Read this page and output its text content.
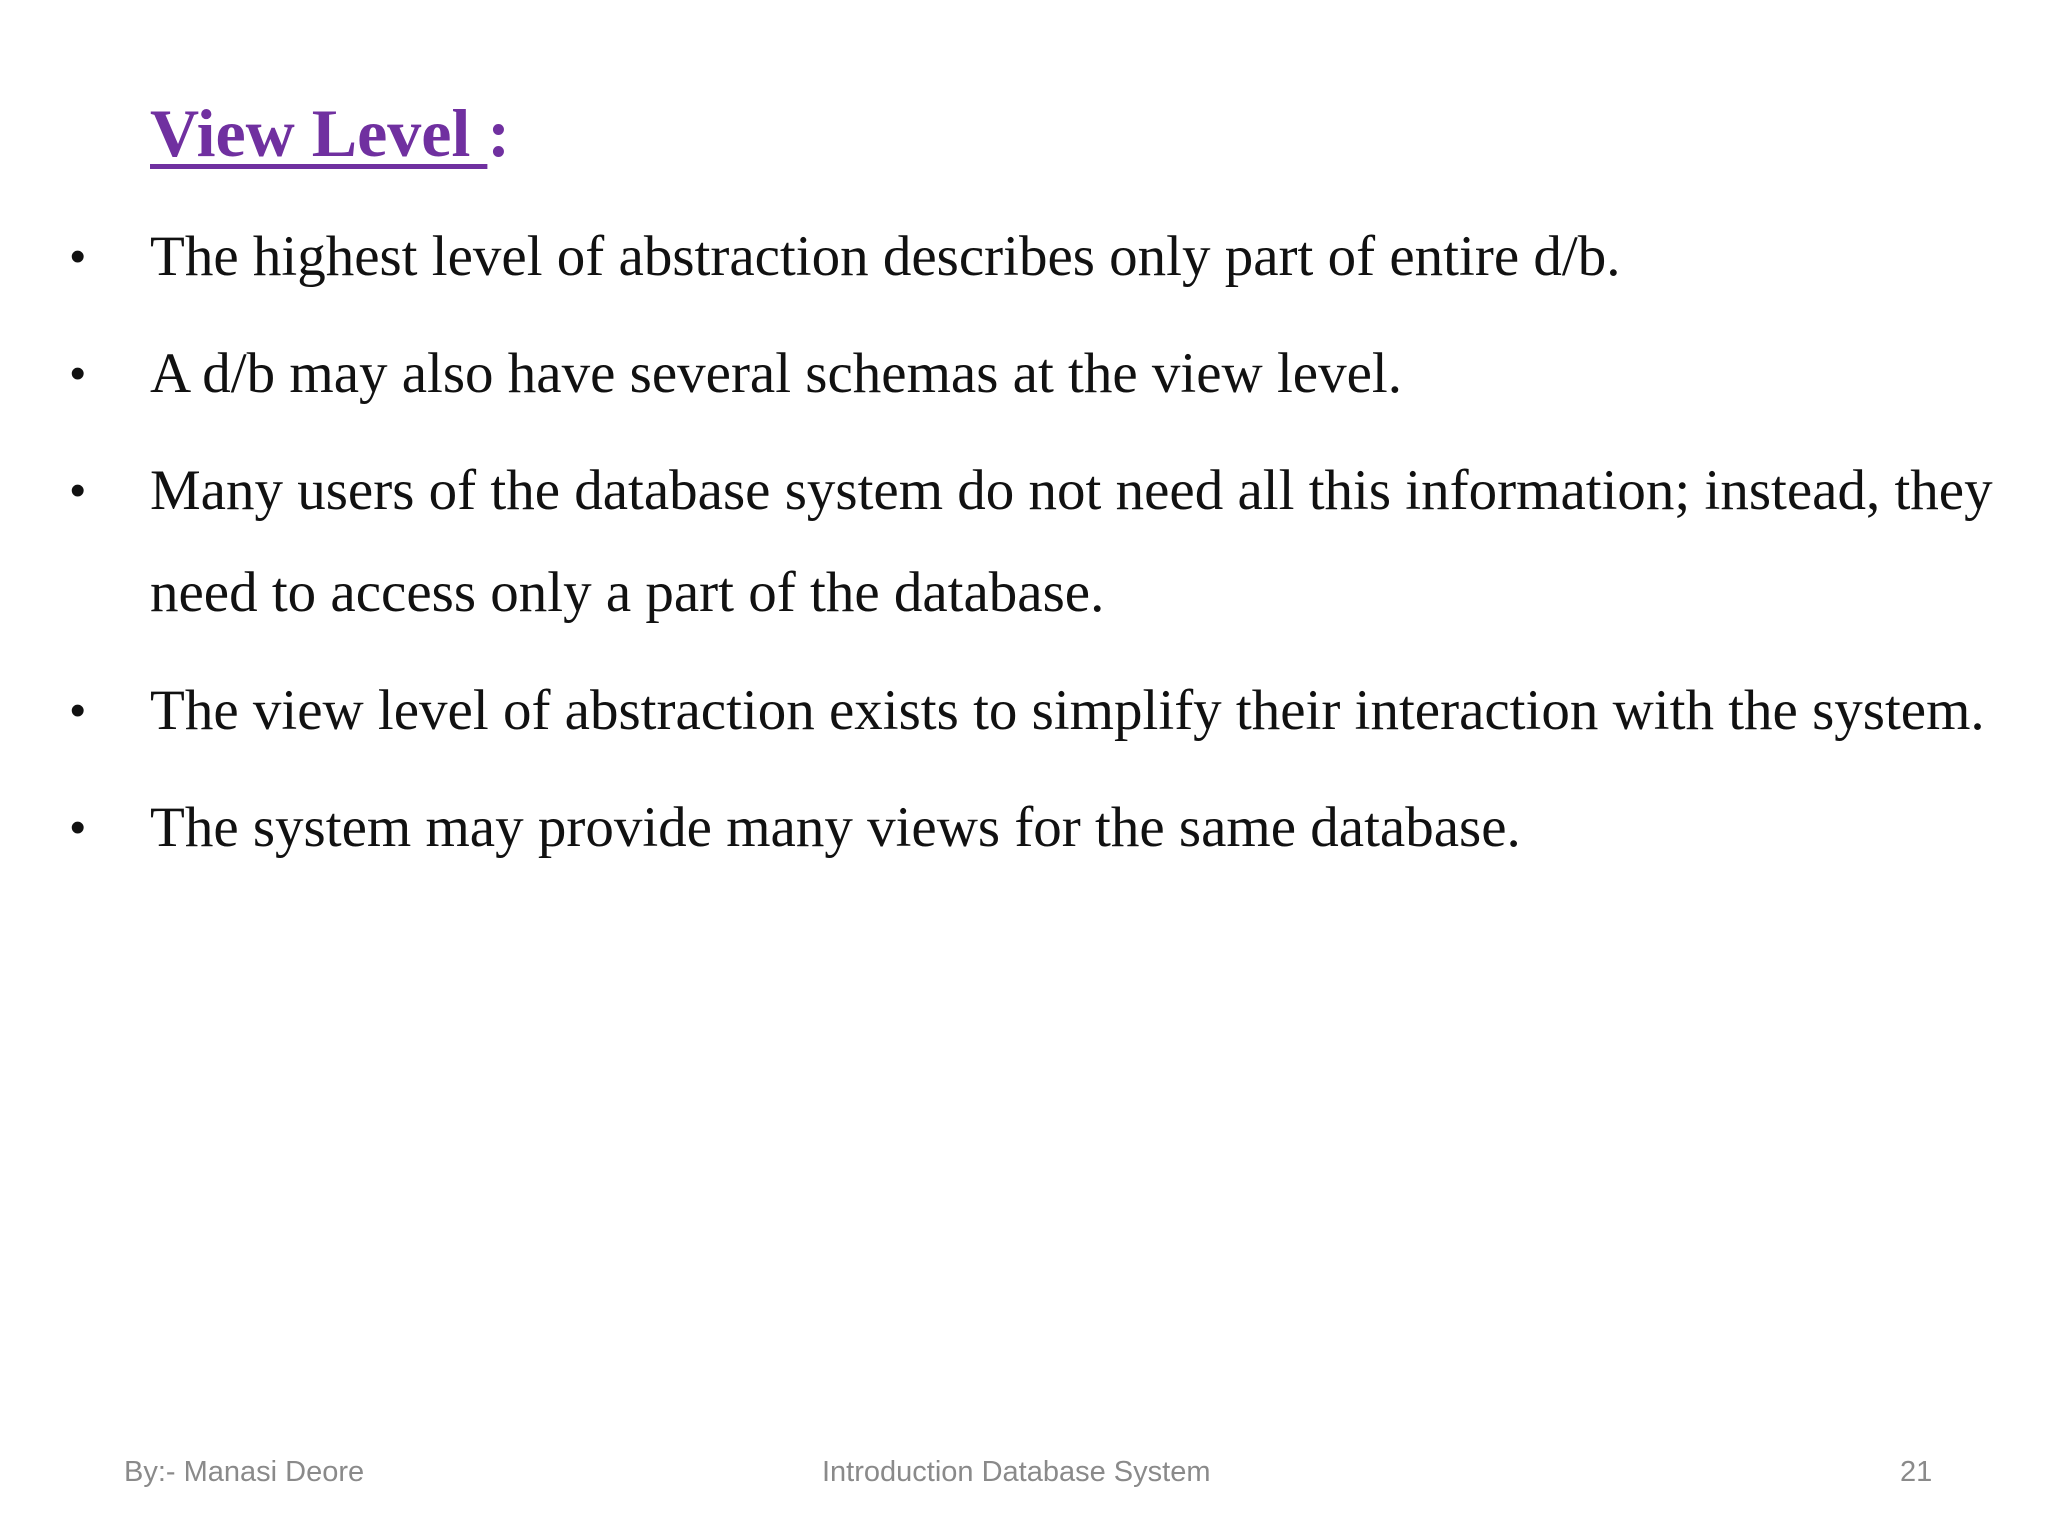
View Level :
• The highest level of abstraction describes only part of entire d/b.
• A d/b may also have several schemas at the view level.
• Many users of the database system do not need all this information; instead, they
need to access only a part of the database.
• The view level of abstraction exists to simplify their interaction with the system.
• The system may provide many views for the same database.
By:- Manasi Deore	Introduction Database System	21
